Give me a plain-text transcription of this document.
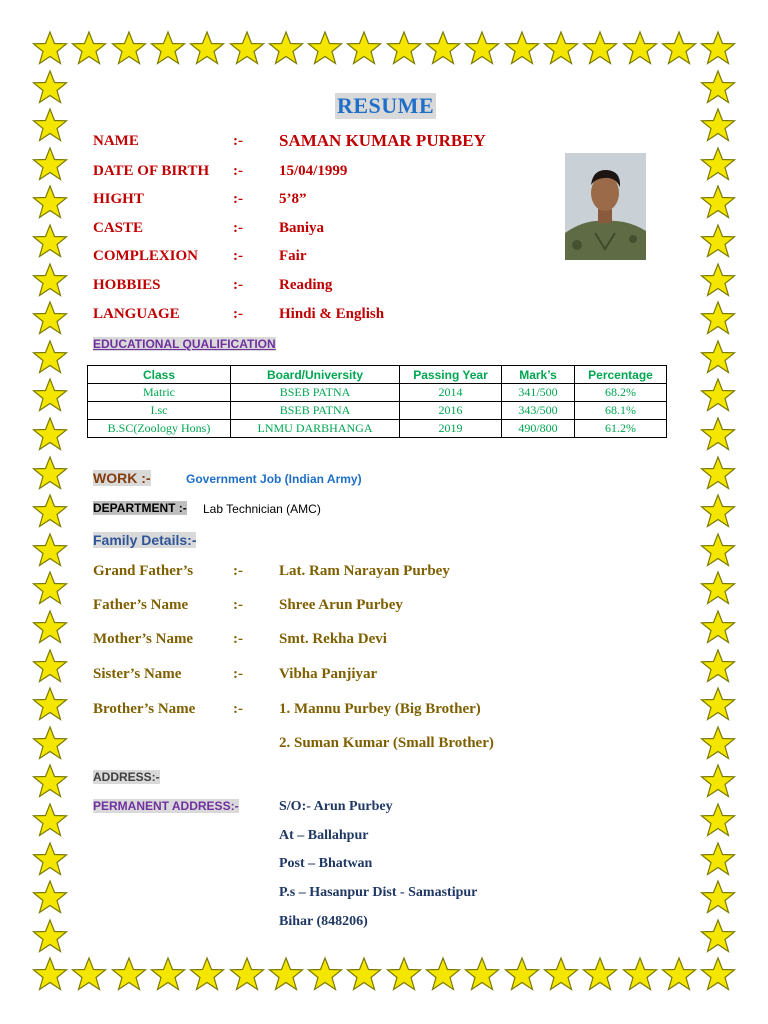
RESUME
NAME	:- SAMAN KUMAR PURBEY
DATE OF BIRTH :- 15/04/1999
HIGHT	:- 5’8”
CASTE	:- Baniya
COMPLEXION :- Fair
HOBBIES	:- Reading
LANGUAGE	:- Hindi & English
EDUCATIONAL QUALIFICATION
Class	Board/University	Passing Year	Mark’s	Percentage
Matric	BSEB PATNA	2014	341/500	68.2%
I.sc	BSEB PATNA	2016	343/500	68.1%
B.SC(Zoology Hons)	LNMU DARBHANGA	2019	490/800	61.2%
WORK :-	Government Job (Indian Army)
DEPARTMENT :- Lab Technician (AMC)
Family Details:-
Grand Father’s	:- Lat. Ram Narayan Purbey
Father’s Name	:- Shree Arun Purbey
Mother’s Name	:- Smt. Rekha Devi
Sister’s Name	:- Vibha Panjiyar
Brother’s Name	:- 1. Mannu Purbey (Big Brother)
2. Suman Kumar (Small Brother)
ADDRESS:-
PERMANENT ADDRESS:-	S/O:- Arun Purbey
At – Ballahpur
Post – Bhatwan
P.s – Hasanpur Dist - Samastipur
Bihar (848206)
